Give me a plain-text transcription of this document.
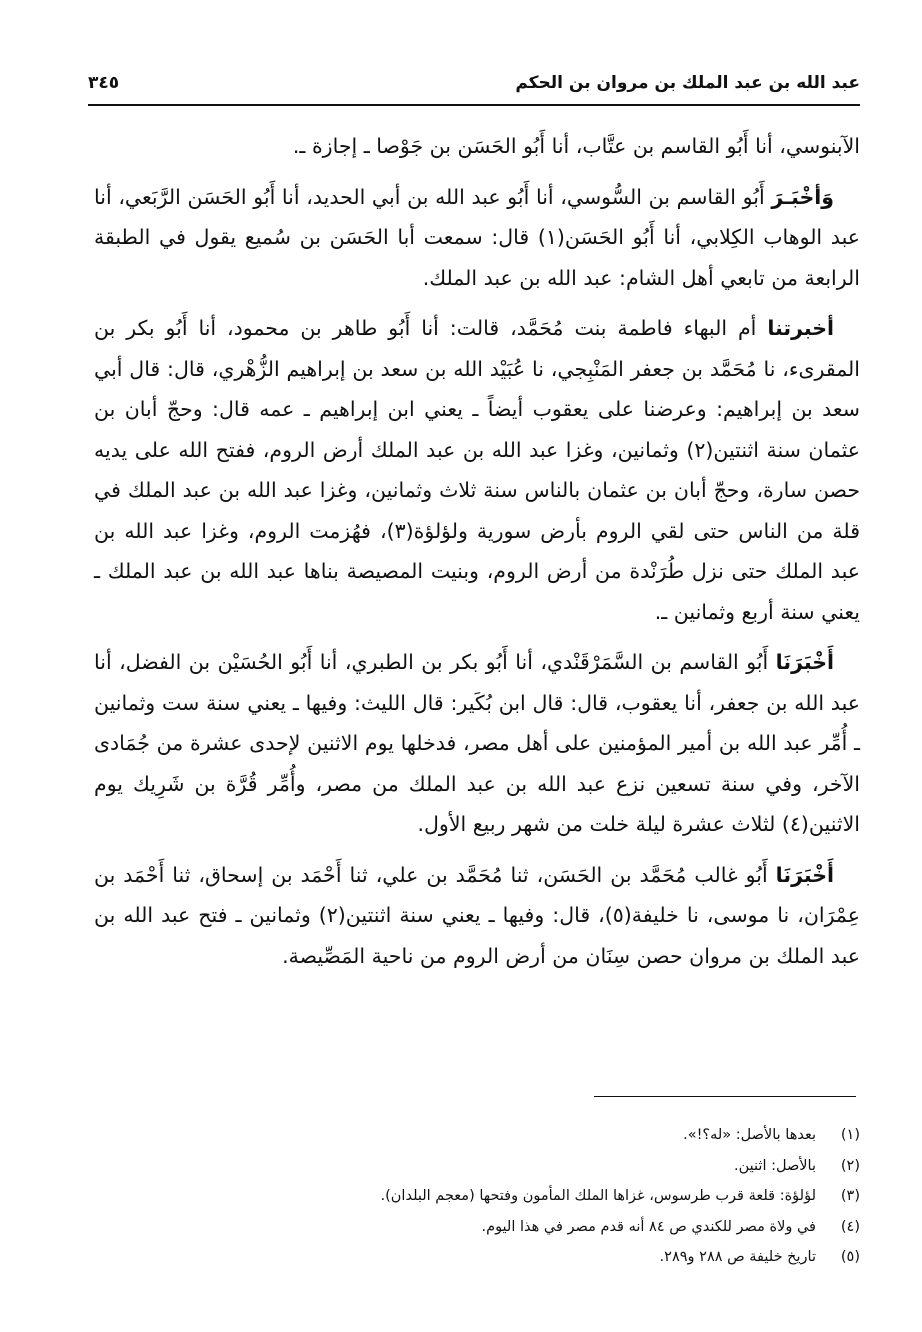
عبد الله بن عبد الملك بن مروان بن الحكم
٣٤٥

الآبنوسي، أنا أَبُو القاسم بن عتَّاب، أنا أَبُو الحَسَن بن جَوْصا ـ إجازة ـ.

وَأخْبَـرَ أَبُو القاسم بن السُّوسي، أنا أَبُو عبد الله بن أبي الحديد، أنا أَبُو الحَسَن الرَّبَعي، أنا عبد الوهاب الكِلابي، أنا أَبُو الحَسَن(١) قال: سمعت أبا الحَسَن بن سُميع يقول في الطبقة الرابعة من تابعي أهل الشام: عبد الله بن عبد الملك.

أخبرتنا أم البهاء فاطمة بنت مُحَمَّد، قالت: أنا أَبُو طاهر بن محمود، أنا أَبُو بكر بن المقرىء، نا مُحَمَّد بن جعفر المَنْبِجي، نا عُبَيْد الله بن سعد بن إبراهيم الزُّهْري، قال: قال أبي سعد بن إبراهيم: وعرضنا على يعقوب أيضاً ـ يعني ابن إبراهيم ـ عمه قال: وحجّ أبان بن عثمان سنة اثنتين(٢) وثمانين، وغزا عبد الله بن عبد الملك أرض الروم، ففتح الله على يديه حصن سارة، وحجّ أبان بن عثمان بالناس سنة ثلاث وثمانين، وغزا عبد الله بن عبد الملك في قلة من الناس حتى لقي الروم بأرض سورية ولؤلؤة(٣)، فهُزمت الروم، وغزا عبد الله بن عبد الملك حتى نزل طُرَنْدة من أرض الروم، وبنيت المصيصة بناها عبد الله بن عبد الملك ـ يعني سنة أربع وثمانين ـ.

أَخْبَرَنَا أَبُو القاسم بن السَّمَرْقَنْدي، أنا أَبُو بكر بن الطبري، أنا أَبُو الحُسَيْن بن الفضل، أنا عبد الله بن جعفر، أنا يعقوب، قال: قال ابن بُكَير: قال الليث: وفيها ـ يعني سنة ست وثمانين ـ أُمِّر عبد الله بن أمير المؤمنين على أهل مصر، فدخلها يوم الاثنين لإحدى عشرة من جُمَادى الآخر، وفي سنة تسعين نزع عبد الله بن عبد الملك من مصر، وأُمِّر قُرَّة بن شَرِيك يوم الاثنين(٤) لثلاث عشرة ليلة خلت من شهر ربيع الأول.

أَخْبَرَنَا أَبُو غالب مُحَمَّد بن الحَسَن، ثنا مُحَمَّد بن علي، ثنا أَحْمَد بن إسحاق، ثنا أَحْمَد بن عِمْرَان، نا موسى، نا خليفة(٥)، قال: وفيها ـ يعني سنة اثنتين(٢) وثمانين ـ فتح عبد الله بن عبد الملك بن مروان حصن سِنَان من أرض الروم من ناحية المَصِّيصة.

(١)
بعدها بالأصل: «له؟!».
(٢)
بالأصل: اثنين.
(٣)
لؤلؤة: قلعة قرب طرسوس، غزاها الملك المأمون وفتحها (معجم البلدان).
(٤)
في ولاة مصر للكندي ص ٨٤ أنه قدم مصر في هذا اليوم.
(٥)
تاريخ خليفة ص ٢٨٨ و٢٨٩.
